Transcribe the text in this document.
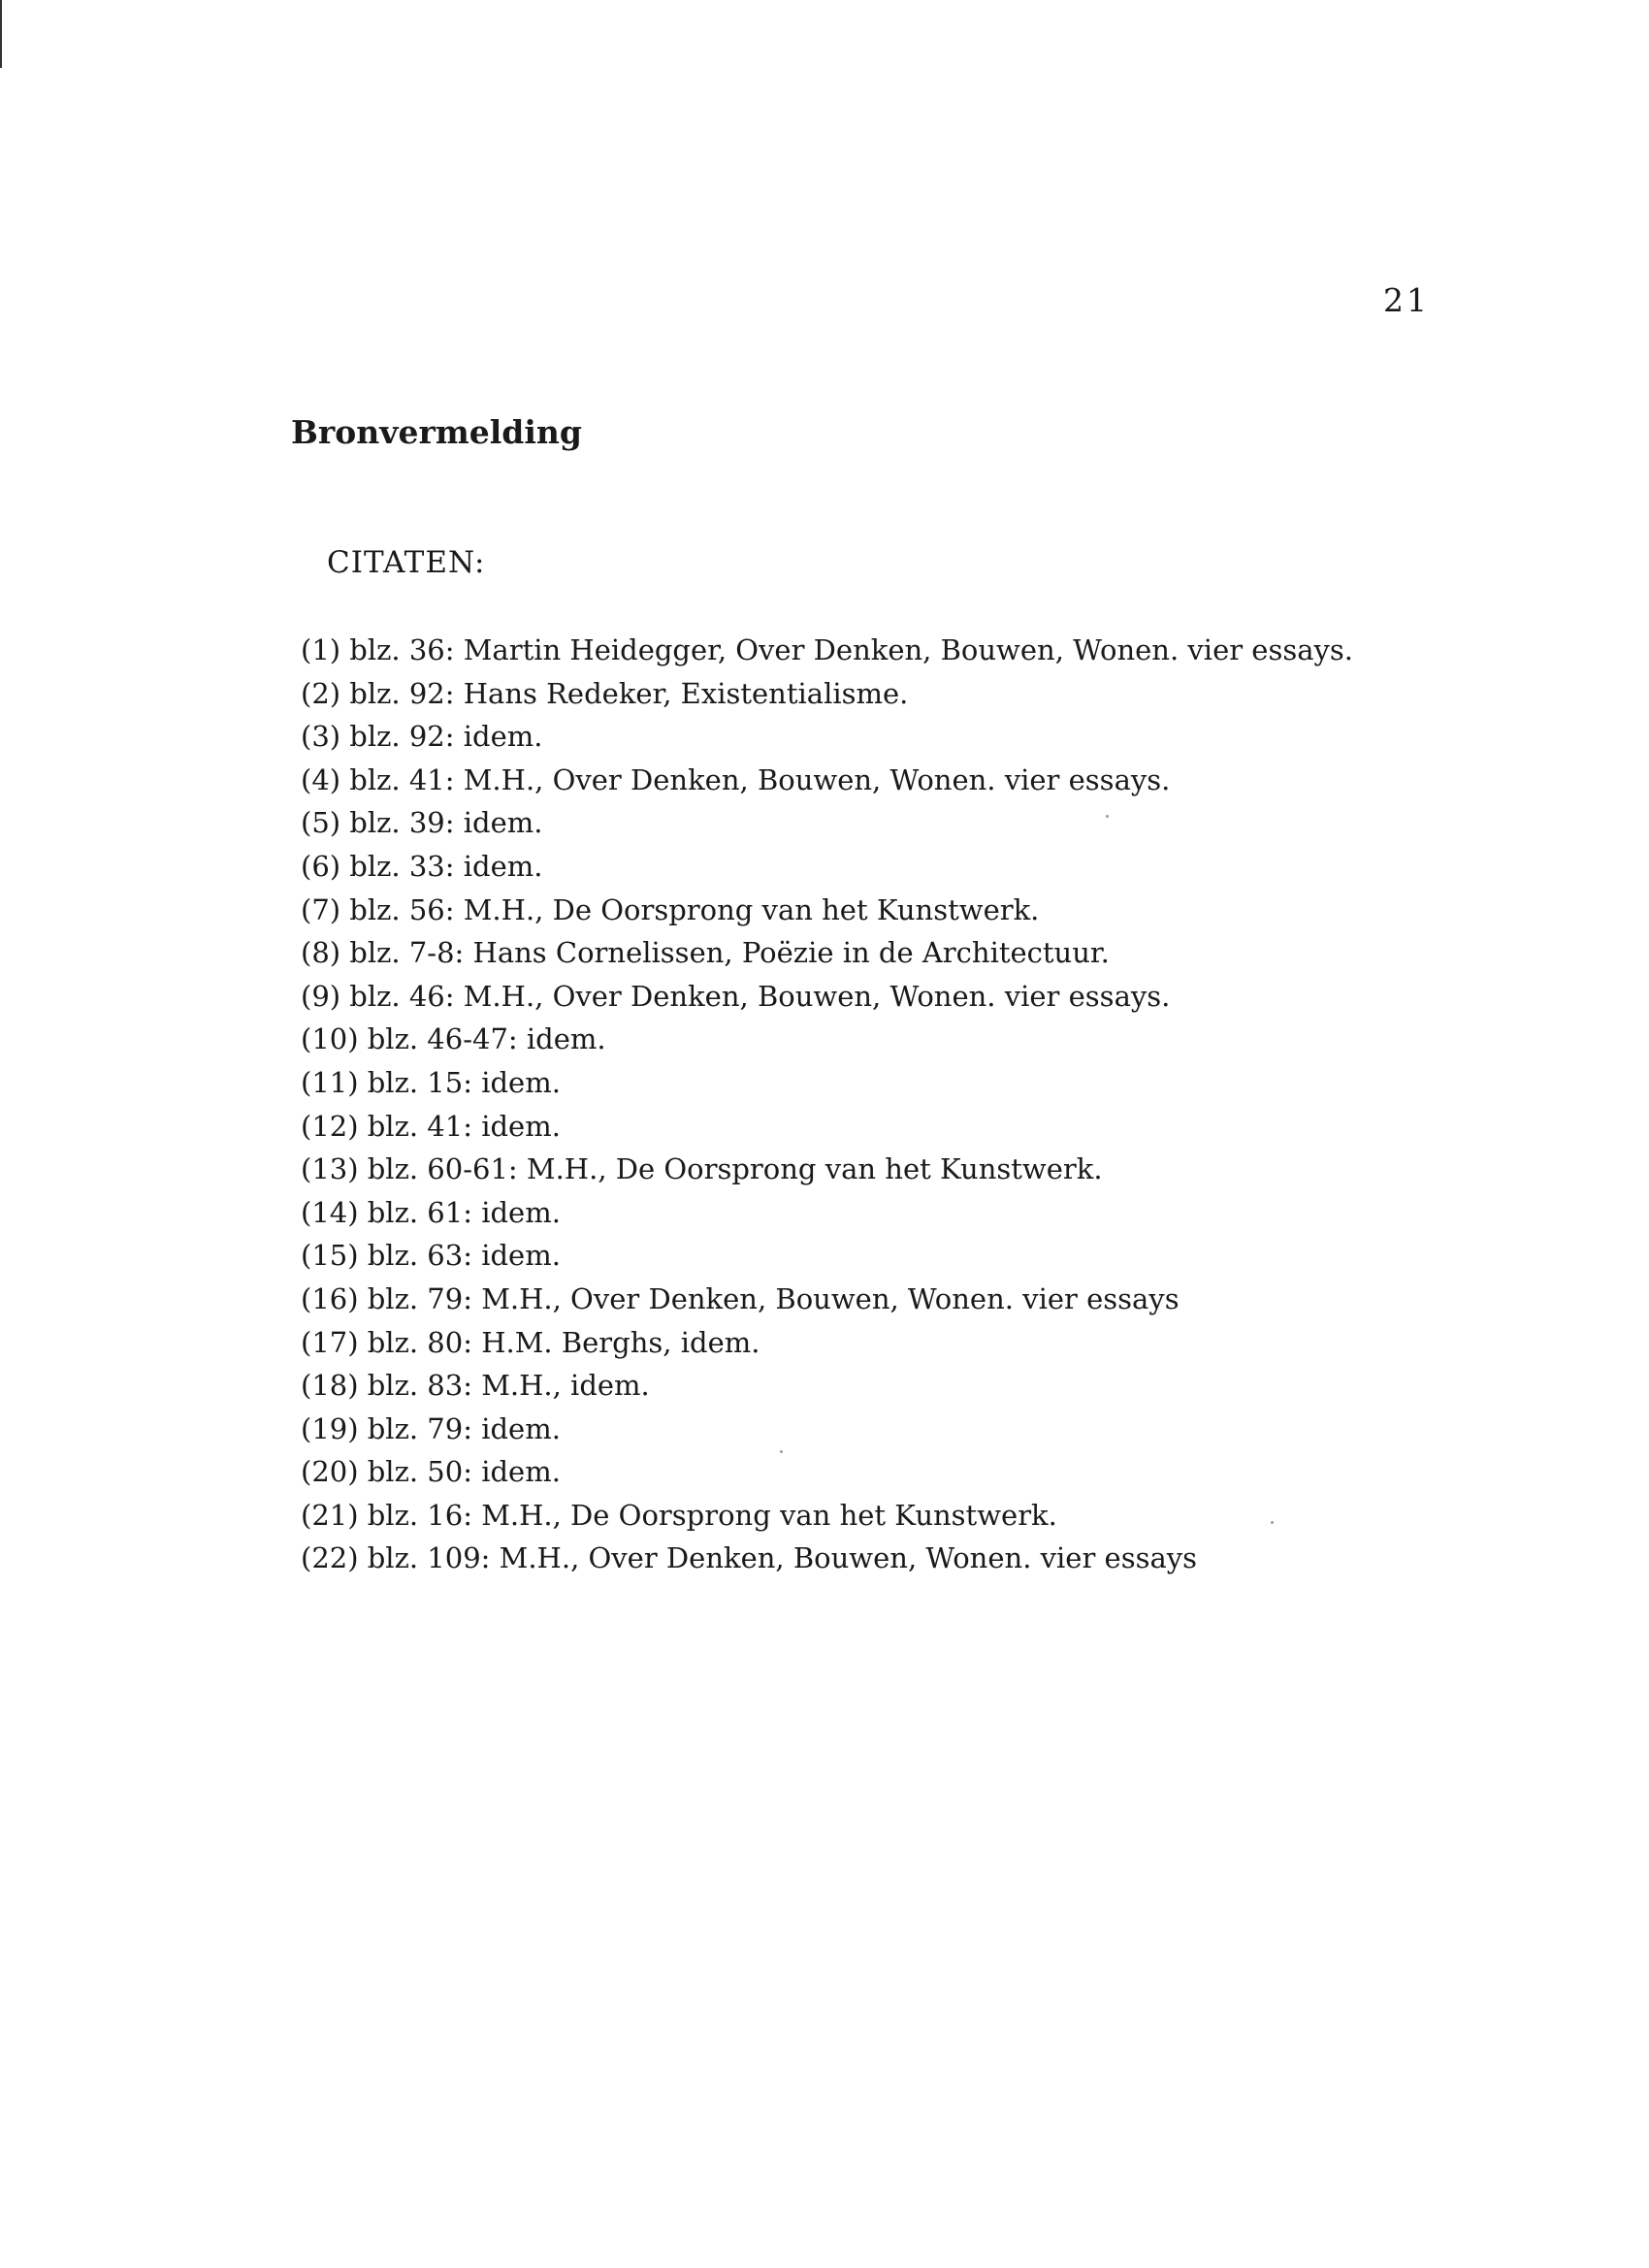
21
Bronvermelding
CITATEN:
(1) blz. 36: Martin Heidegger, Over Denken, Bouwen, Wonen. vier essays.
(2) blz. 92: Hans Redeker, Existentialisme.
(3) blz. 92: idem.
(4) blz. 41: M.H., Over Denken, Bouwen, Wonen. vier essays.
(5) blz. 39: idem.
(6) blz. 33: idem.
(7) blz. 56: M.H., De Oorsprong van het Kunstwerk.
(8) blz. 7-8: Hans Cornelissen, Poëzie in de Architectuur.
(9) blz. 46: M.H., Over Denken, Bouwen, Wonen. vier essays.
(10) blz. 46-47: idem.
(11) blz. 15: idem.
(12) blz. 41: idem.
(13) blz. 60-61: M.H., De Oorsprong van het Kunstwerk.
(14) blz. 61: idem.
(15) blz. 63: idem.
(16) blz. 79: M.H., Over Denken, Bouwen, Wonen. vier essays
(17) blz. 80: H.M. Berghs, idem.
(18) blz. 83: M.H., idem.
(19) blz. 79: idem.
(20) blz. 50: idem.
(21) blz. 16: M.H., De Oorsprong van het Kunstwerk.
(22) blz. 109: M.H., Over Denken, Bouwen, Wonen. vier essays
